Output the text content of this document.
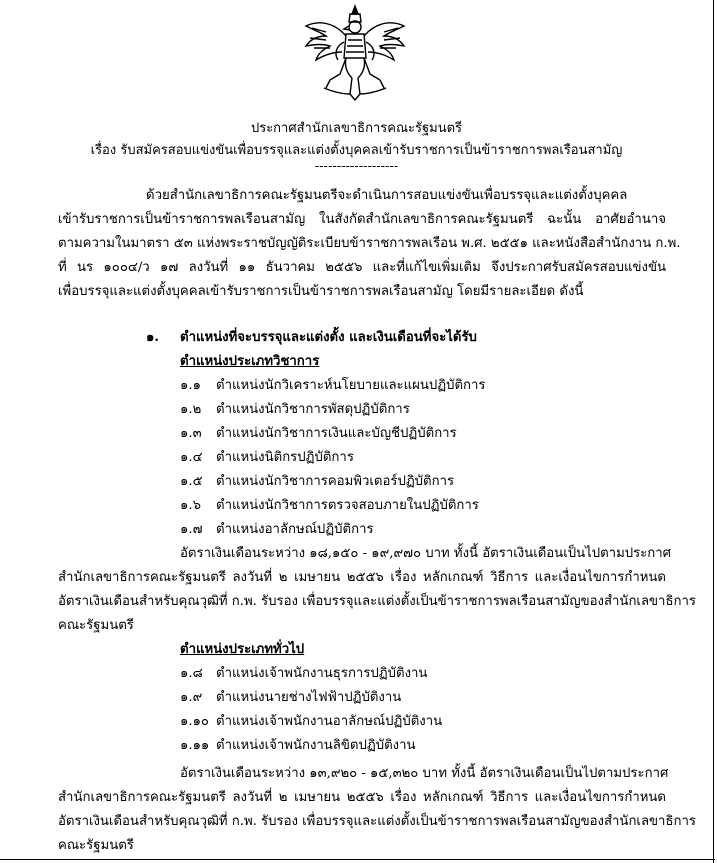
ประกาศสำนักเลขาธิการคณะรัฐมนตรี
เรื่อง รับสมัครสอบแข่งขันเพื่อบรรจุและแต่งตั้งบุคคลเข้ารับราชการเป็นข้าราชการพลเรือนสามัญ
-------------------
ด้วยสำนักเลขาธิการคณะรัฐมนตรีจะดำเนินการสอบแข่งขันเพื่อบรรจุและแต่งตั้งบุคคล
เข้ารับราชการเป็นข้าราชการพลเรือนสามัญ ในสังกัดสำนักเลขาธิการคณะรัฐมนตรี ฉะนั้น อาศัยอำนาจ
ตามความในมาตรา ๕๓ แห่งพระราชบัญญัติระเบียบข้าราชการพลเรือน พ.ศ. ๒๕๕๑ และหนังสือสำนักงาน ก.พ.
ที่ นร ๑๐๐๔/ว ๑๗ ลงวันที่ ๑๑ ธันวาคม ๒๕๕๖ และที่แก้ไขเพิ่มเติม จึงประกาศรับสมัครสอบแข่งขัน
เพื่อบรรจุและแต่งตั้งบุคคลเข้ารับราชการเป็นข้าราชการพลเรือนสามัญ โดยมีรายละเอียด ดังนี้
๑. ตำแหน่งที่จะบรรจุและแต่งตั้ง และเงินเดือนที่จะได้รับ
ตำแหน่งประเภทวิชาการ
๑.๑ ตำแหน่งนักวิเคราะห์นโยบายและแผนปฏิบัติการ
๑.๒ ตำแหน่งนักวิชาการพัสดุปฏิบัติการ
๑.๓ ตำแหน่งนักวิชาการเงินและบัญชีปฏิบัติการ
๑.๔ ตำแหน่งนิติกรปฏิบัติการ
๑.๕ ตำแหน่งนักวิชาการคอมพิวเตอร์ปฏิบัติการ
๑.๖ ตำแหน่งนักวิชาการตรวจสอบภายในปฏิบัติการ
๑.๗ ตำแหน่งอาลักษณ์ปฏิบัติการ
อัตราเงินเดือนระหว่าง ๑๘,๑๕๐ - ๑๙,๙๗๐ บาท ทั้งนี้ อัตราเงินเดือนเป็นไปตามประกาศ
สำนักเลขาธิการคณะรัฐมนตรี ลงวันที่ ๒ เมษายน ๒๕๕๖ เรื่อง หลักเกณฑ์ วิธีการ และเงื่อนไขการกำหนด
อัตราเงินเดือนสำหรับคุณวุฒิที่ ก.พ. รับรอง เพื่อบรรจุและแต่งตั้งเป็นข้าราชการพลเรือนสามัญของสำนักเลขาธิการ
คณะรัฐมนตรี
ตำแหน่งประเภททั่วไป
๑.๘ ตำแหน่งเจ้าพนักงานธุรการปฏิบัติงาน
๑.๙ ตำแหน่งนายช่างไฟฟ้าปฏิบัติงาน
๑.๑๐ ตำแหน่งเจ้าพนักงานอาลักษณ์ปฏิบัติงาน
๑.๑๑ ตำแหน่งเจ้าพนักงานลิขิตปฏิบัติงาน
อัตราเงินเดือนระหว่าง ๑๓,๙๒๐ - ๑๕,๓๒๐ บาท ทั้งนี้ อัตราเงินเดือนเป็นไปตามประกาศ
สำนักเลขาธิการคณะรัฐมนตรี ลงวันที่ ๒ เมษายน ๒๕๕๖ เรื่อง หลักเกณฑ์ วิธีการ และเงื่อนไขการกำหนด
อัตราเงินเดือนสำหรับคุณวุฒิที่ ก.พ. รับรอง เพื่อบรรจุและแต่งตั้งเป็นข้าราชการพลเรือนสามัญของสำนักเลขาธิการ
คณะรัฐมนตรี
